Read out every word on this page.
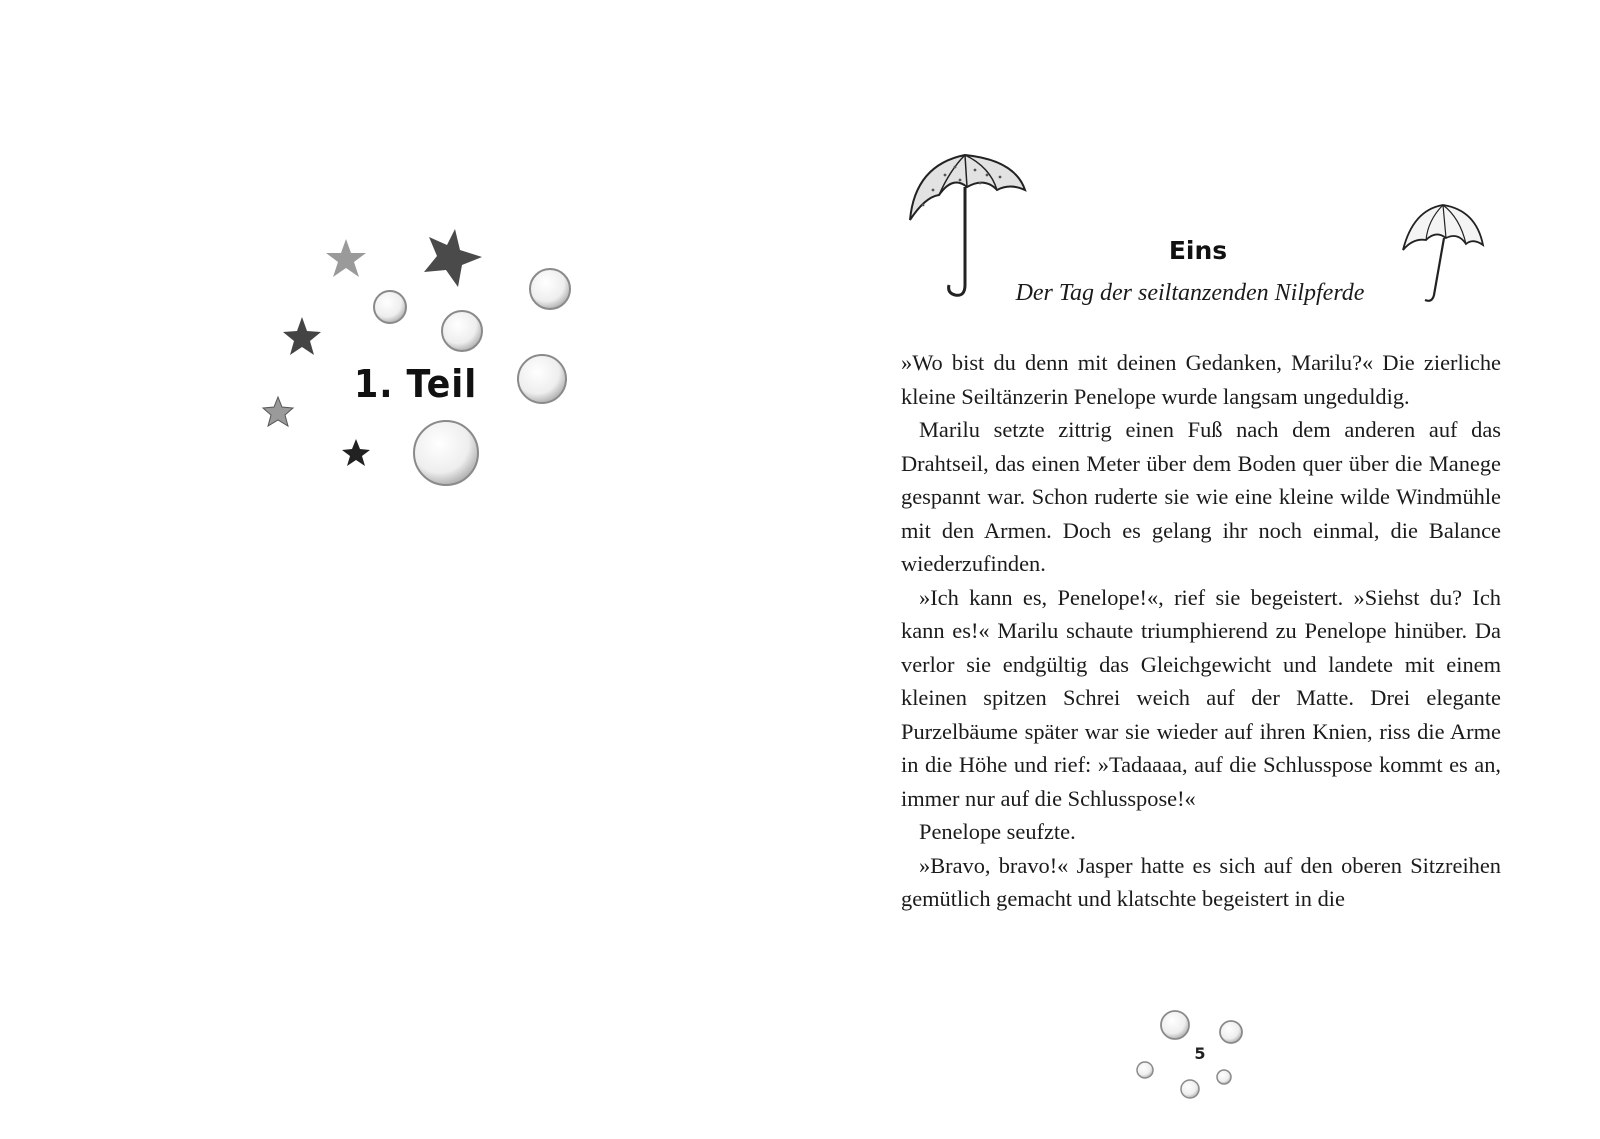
1. Teil
Eins
Der Tag der seiltanzenden Nilpferde

»Wo bist du denn mit deinen Gedanken, Marilu?« Die zierliche kleine Seiltänzerin Penelope wurde langsam ungeduldig.

Marilu setzte zittrig einen Fuß nach dem anderen auf das Drahtseil, das einen Meter über dem Boden quer über die Manege gespannt war. Schon ruderte sie wie eine kleine wilde Windmühle mit den Armen. Doch es gelang ihr noch einmal, die Balance wiederzufinden.

»Ich kann es, Penelope!«, rief sie begeistert. »Siehst du? Ich kann es!« Marilu schaute triumphierend zu Penelope hinüber. Da verlor sie endgültig das Gleichgewicht und landete mit einem kleinen spitzen Schrei weich auf der Matte. Drei elegante Purzelbäume später war sie wieder auf ihren Knien, riss die Arme in die Höhe und rief: »Tadaaaa, auf die Schlusspose kommt es an, immer nur auf die Schlusspose!«

Penelope seufzte.

»Bravo, bravo!« Jasper hatte es sich auf den oberen Sitzreihen gemütlich gemacht und klatschte begeistert in die

5
